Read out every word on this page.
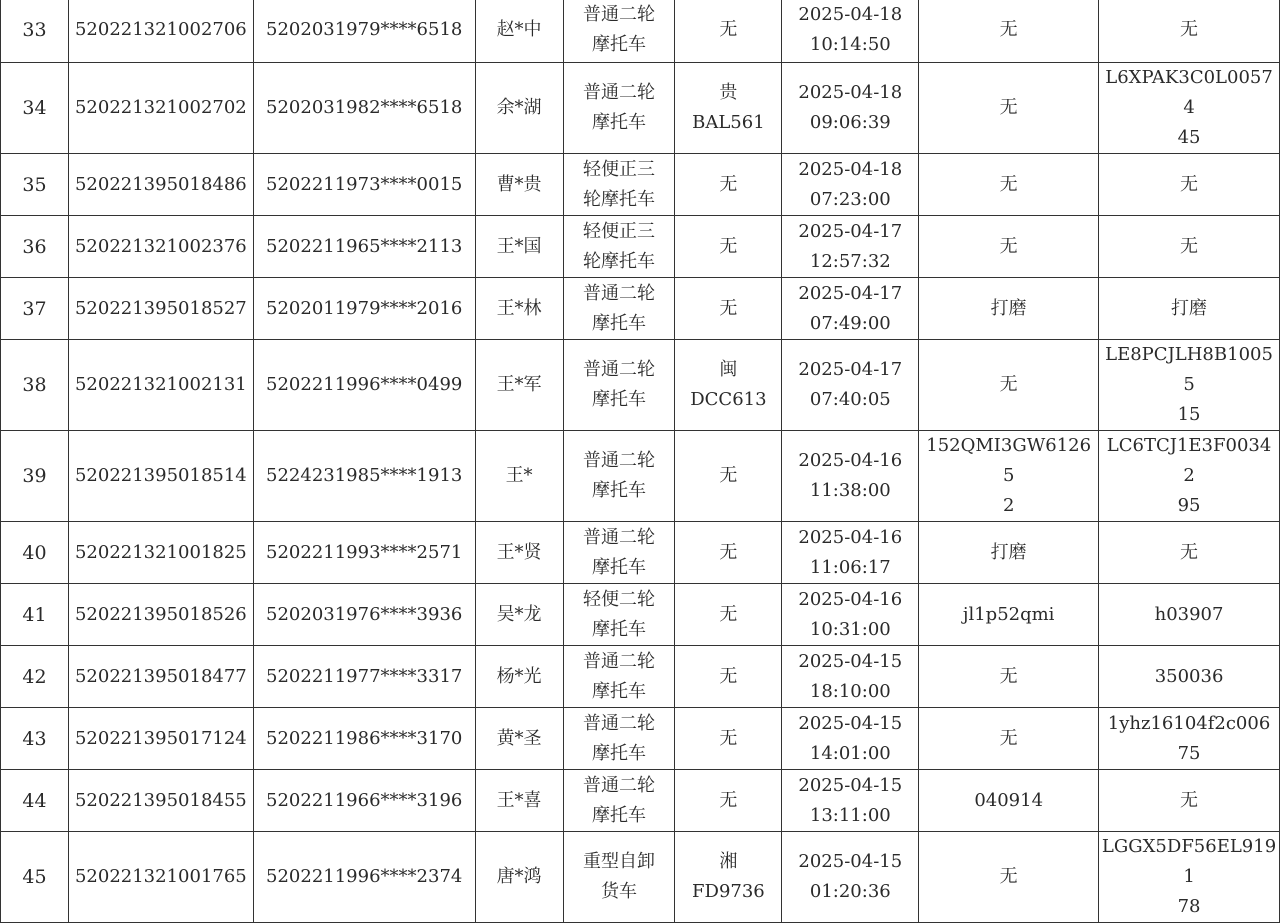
33	520221321002706	5202031979****6518	赵*中	普通二轮
摩托车	无	2025-04-18
10:14:50	无	无
34	520221321002702	5202031982****6518	余*湖	普通二轮
摩托车	贵
BAL561	2025-04-18
09:06:39	无	L6XPAK3C0L00574
45
35	520221395018486	5202211973****0015	曹*贵	轻便正三
轮摩托车	无	2025-04-18
07:23:00	无	无
36	520221321002376	5202211965****2113	王*国	轻便正三
轮摩托车	无	2025-04-17
12:57:32	无	无
37	520221395018527	5202011979****2016	王*林	普通二轮
摩托车	无	2025-04-17
07:49:00	打磨	打磨
38	520221321002131	5202211996****0499	王*军	普通二轮
摩托车	闽
DCC613	2025-04-17
07:40:05	无	LE8PCJLH8B10055
15
39	520221395018514	5224231985****1913	王*	普通二轮
摩托车	无	2025-04-16
11:38:00	152QMI3GW61265
2	LC6TCJ1E3F00342
95
40	520221321001825	5202211993****2571	王*贤	普通二轮
摩托车	无	2025-04-16
11:06:17	打磨	无
41	520221395018526	5202031976****3936	吴*龙	轻便二轮
摩托车	无	2025-04-16
10:31:00	jl1p52qmi	h03907
42	520221395018477	5202211977****3317	杨*光	普通二轮
摩托车	无	2025-04-15
18:10:00	无	350036
43	520221395017124	5202211986****3170	黄*圣	普通二轮
摩托车	无	2025-04-15
14:01:00	无	1yhz16104f2c006
75
44	520221395018455	5202211966****3196	王*喜	普通二轮
摩托车	无	2025-04-15
13:11:00	040914	无
45	520221321001765	5202211996****2374	唐*鸿	重型自卸
货车	湘
FD9736	2025-04-15
01:20:36	无	LGGX5DF56EL9191
78
